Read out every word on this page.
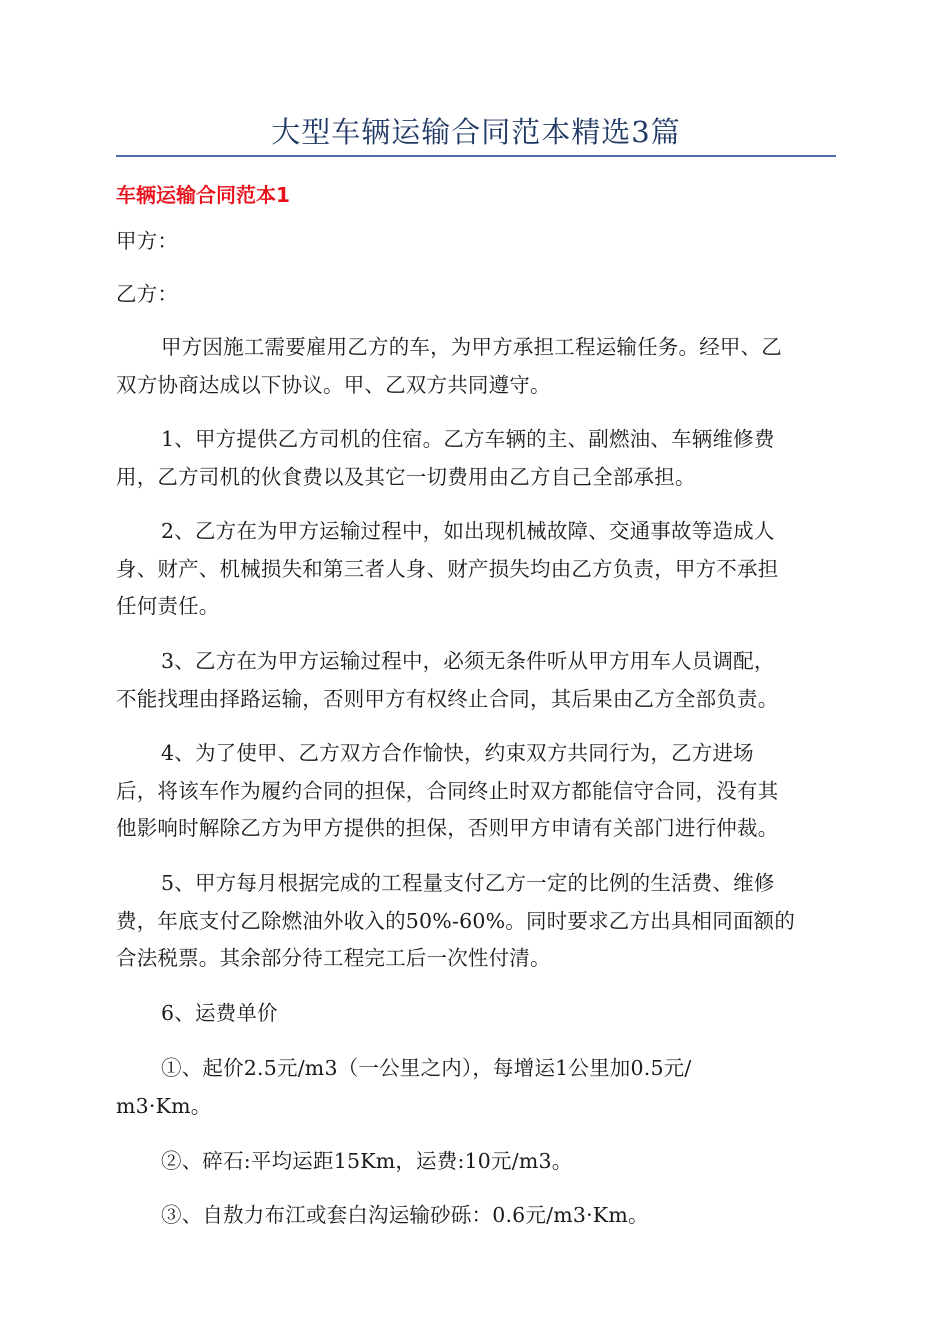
大型车辆运输合同范本精选3篇
车辆运输合同范本1
甲方：
乙方：
甲方因施工需要雇用乙方的车，为甲方承担工程运输任务。经甲、乙
双方协商达成以下协议。甲、乙双方共同遵守。
1、甲方提供乙方司机的住宿。乙方车辆的主、副燃油、车辆维修费
用，乙方司机的伙食费以及其它一切费用由乙方自己全部承担。
2、乙方在为甲方运输过程中，如出现机械故障、交通事故等造成人
身、财产、机械损失和第三者人身、财产损失均由乙方负责，甲方不承担
任何责任。
3、乙方在为甲方运输过程中，必须无条件听从甲方用车人员调配，
不能找理由择路运输，否则甲方有权终止合同，其后果由乙方全部负责。
4、为了使甲、乙方双方合作愉快，约束双方共同行为，乙方进场
后，将该车作为履约合同的担保，合同终止时双方都能信守合同，没有其
他影响时解除乙方为甲方提供的担保，否则甲方申请有关部门进行仲裁。
5、甲方每月根据完成的工程量支付乙方一定的比例的生活费、维修
费，年底支付乙除燃油外收入的50%-60%。同时要求乙方出具相同面额的
合法税票。其余部分待工程完工后一次性付清。
6、运费单价
①、起价2.5元/m3（一公里之内），每增运1公里加0.5元/
m3·Km。
②、碎石:平均运距15Km，运费:10元/m3。
③、自敖力布江或套白沟运输砂砾：0.6元/m3·Km。
